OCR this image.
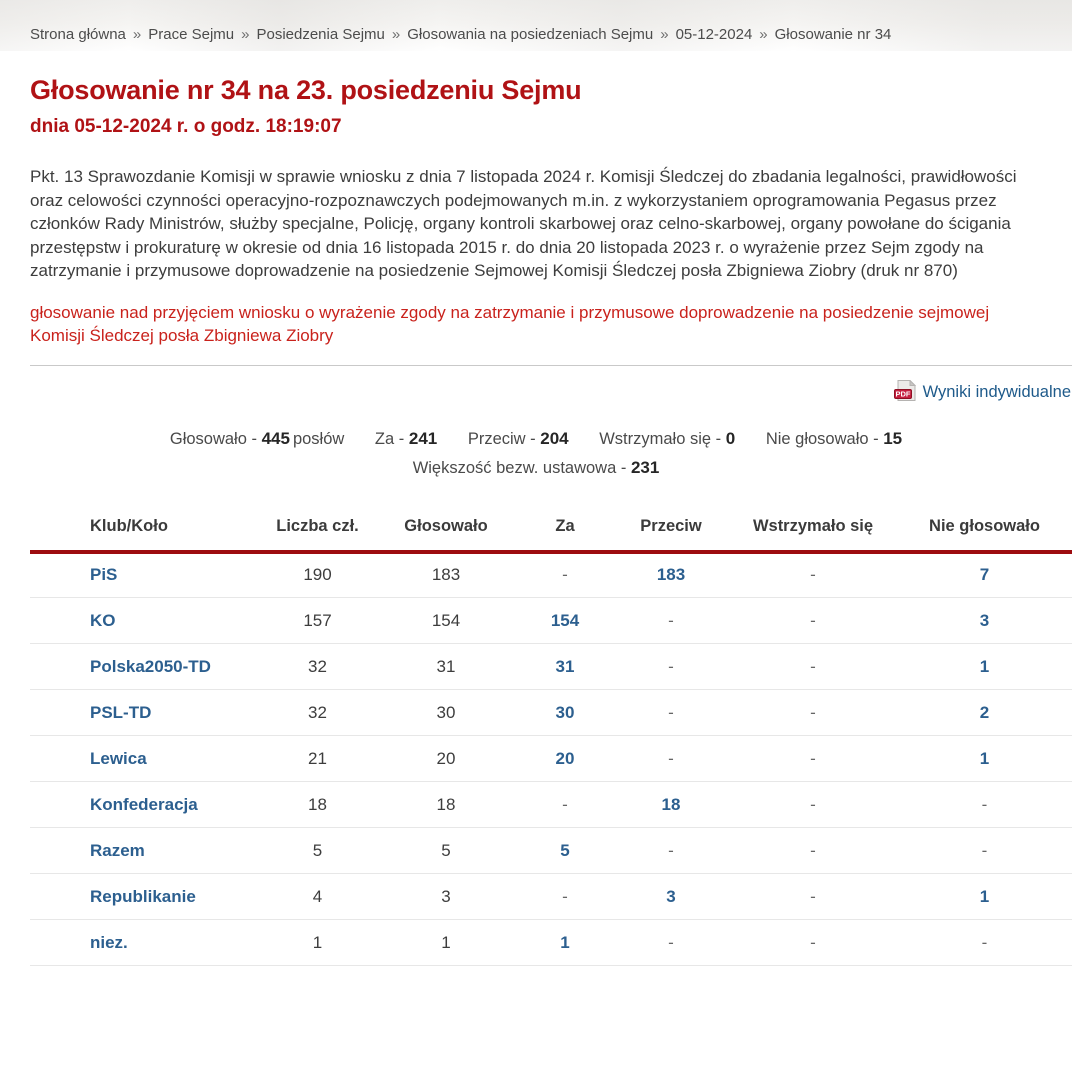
Strona główna » Prace Sejmu » Posiedzenia Sejmu » Głosowania na posiedzeniach Sejmu » 05-12-2024 » Głosowanie nr 34
Głosowanie nr 34 na 23. posiedzeniu Sejmu
dnia 05-12-2024 r. o godz. 18:19:07

Pkt. 13 Sprawozdanie Komisji w sprawie wniosku z dnia 7 listopada 2024 r. Komisji Śledczej do zbadania legalności, prawidłowości oraz celowości czynności operacyjno-rozpoznawczych podejmowanych m.in. z wykorzystaniem oprogramowania Pegasus przez członków Rady Ministrów, służby specjalne, Policję, organy kontroli skarbowej oraz celno-skarbowej, organy powołane do ścigania przestępstw i prokuraturę w okresie od dnia 16 listopada 2015 r. do dnia 20 listopada 2023 r. o wyrażenie przez Sejm zgody na zatrzymanie i przymusowe doprowadzenie na posiedzenie Sejmowej Komisji Śledczej posła Zbigniewa Ziobry (druk nr 870)

głosowanie nad przyjęciem wniosku o wyrażenie zgody na zatrzymanie i przymusowe doprowadzenie na posiedzenie sejmowej Komisji Śledczej posła Zbigniewa Ziobry

PDF Wyniki indywidualne
Głosowało - 445 posłów Za - 241 Przeciw - 204 Wstrzymało się - 0 Nie głosowało - 15
Większość bezw. ustawowa - 231
	Klub/Koło	Liczba czł.	Głosowało	Za	Przeciw	Wstrzymało się	Nie głosowało
	PiS	190	183	-	183	-	7
	KO	157	154	154	-	-	3
	Polska2050-TD	32	31	31	-	-	1
	PSL-TD	32	30	30	-	-	2
	Lewica	21	20	20	-	-	1
	Konfederacja	18	18	-	18	-	-
	Razem	5	5	5	-	-	-
	Republikanie	4	3	-	3	-	1
	niez.	1	1	1	-	-	-
